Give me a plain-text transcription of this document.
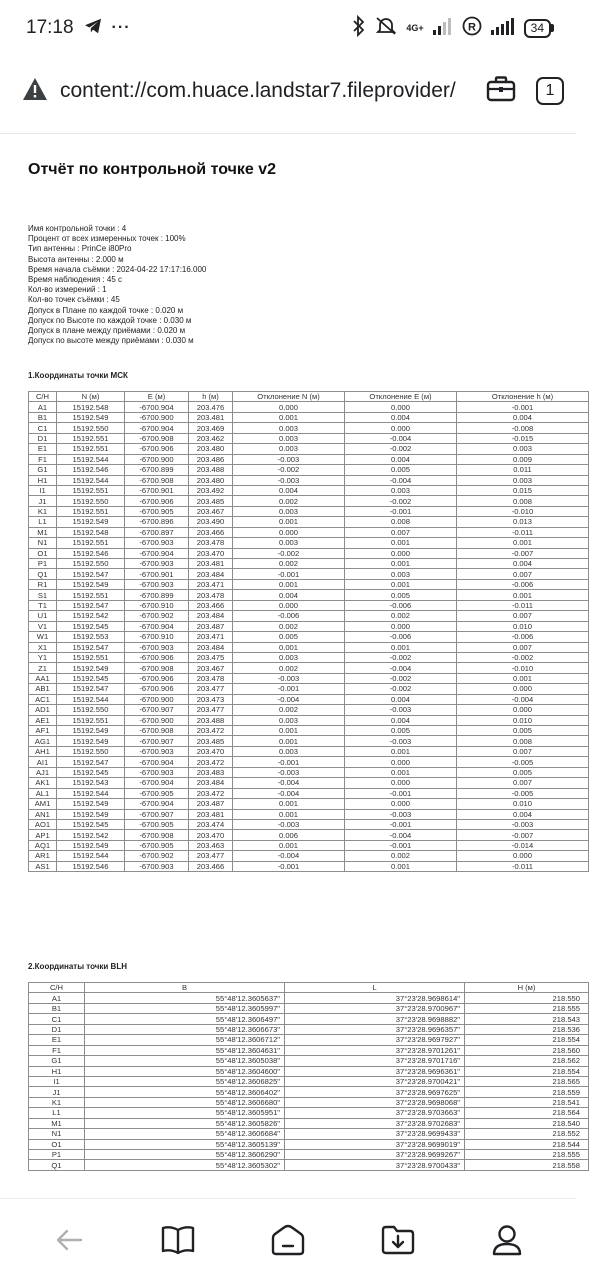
17:18 ···	4G+	R	34
content://com.huace.landstar7.fileprovider/	1
Отчёт по контрольной точке v2
Имя контрольной точки : 4
Процент от всех измеренных точек : 100%
Тип антенны : PrinCe i80Pro
Высота антенны : 2.000 м
Время начала съёмки : 2024-04-22 17:17:16.000
Время наблюдения : 45 с
Кол-во измерений : 1
Кол-во точек съёмки : 45
Допуск в Плане по каждой точке : 0.020 м
Допуск по Высоте по каждой точке : 0.030 м
Допуск в плане между приёмами : 0.020 м
Допуск по высоте между приёмами : 0.030 м
1.Координаты точки МСК
С/Н	N (м)	E (м)	h (м)	Отклонение N (м)	Отклонение E (м)	Отклонение h (м)
A1	15192.548	-6700.904	203.476	0.000	0.000	-0.001
B1	15192.549	-6700.900	203.481	0.001	0.004	0.004
C1	15192.550	-6700.904	203.469	0.003	0.000	-0.008
D1	15192.551	-6700.908	203.462	0.003	-0.004	-0.015
E1	15192.551	-6700.906	203.480	0.003	-0.002	0.003
F1	15192.544	-6700.900	203.486	-0.003	0.004	0.009
G1	15192.546	-6700.899	203.488	-0.002	0.005	0.011
H1	15192.544	-6700.908	203.480	-0.003	-0.004	0.003
I1	15192.551	-6700.901	203.492	0.004	0.003	0.015
J1	15192.550	-6700.906	203.485	0.002	-0.002	0.008
K1	15192.551	-6700.905	203.467	0.003	-0.001	-0.010
L1	15192.549	-6700.896	203.490	0.001	0.008	0.013
M1	15192.548	-6700.897	203.466	0.000	0.007	-0.011
N1	15192.551	-6700.903	203.478	0.003	0.001	0.001
O1	15192.546	-6700.904	203.470	-0.002	0.000	-0.007
P1	15192.550	-6700.903	203.481	0.002	0.001	0.004
Q1	15192.547	-6700.901	203.484	-0.001	0.003	0.007
R1	15192.549	-6700.903	203.471	0.001	0.001	-0.006
S1	15192.551	-6700.899	203.478	0.004	0.005	0.001
T1	15192.547	-6700.910	203.466	0.000	-0.006	-0.011
U1	15192.542	-6700.902	203.484	-0.006	0.002	0.007
V1	15192.545	-6700.904	203.487	0.002	0.000	0.010
W1	15192.553	-6700.910	203.471	0.005	-0.006	-0.006
X1	15192.547	-6700.903	203.484	0.001	0.001	0.007
Y1	15192.551	-6700.906	203.475	0.003	-0.002	-0.002
Z1	15192.549	-6700.908	203.467	0.002	-0.004	-0.010
AA1	15192.545	-6700.906	203.478	-0.003	-0.002	0.001
AB1	15192.547	-6700.906	203.477	-0.001	-0.002	0.000
AC1	15192.544	-6700.900	203.473	-0.004	0.004	-0.004
AD1	15192.550	-6700.907	203.477	0.002	-0.003	0.000
AE1	15192.551	-6700.900	203.488	0.003	0.004	0.010
AF1	15192.549	-6700.908	203.472	0.001	0.005	0.005
AG1	15192.549	-6700.907	203.485	0.001	-0.003	0.008
AH1	15192.550	-6700.903	203.470	0.003	0.001	0.007
AI1	15192.547	-6700.904	203.472	-0.001	0.000	-0.005
AJ1	15192.545	-6700.903	203.483	-0.003	0.001	0.005
AK1	15192.543	-6700.904	203.484	-0.004	0.000	0.007
AL1	15192.544	-6700.905	203.472	-0.004	-0.001	-0.005
AM1	15192.549	-6700.904	203.487	0.001	0.000	0.010
AN1	15192.549	-6700.907	203.481	0.001	-0.003	0.004
AO1	15192.545	-6700.905	203.474	-0.003	-0.001	-0.003
AP1	15192.542	-6700.908	203.470	0.006	-0.004	-0.007
AQ1	15192.549	-6700.905	203.463	0.001	-0.001	-0.014
AR1	15192.544	-6700.902	203.477	-0.004	0.002	0.000
AS1	15192.546	-6700.903	203.466	-0.001	0.001	-0.011
2.Координаты точки BLH
С/Н	B	L	H (м)
A1	55°48'12.3605637"	37°23'28.9698614"	218.550
B1	55°48'12.3605997"	37°23'28.9700967"	218.555
C1	55°48'12.3606497"	37°23'28.9698882"	218.543
D1	55°48'12.3606673"	37°23'28.9696357"	218.536
E1	55°48'12.3606712"	37°23'28.9697927"	218.554
F1	55°48'12.3604631"	37°23'28.9701261"	218.560
G1	55°48'12.3605038"	37°23'28.9701716"	218.562
H1	55°48'12.3604600"	37°23'28.9696361"	218.554
I1	55°48'12.3606825"	37°23'28.9700421"	218.565
J1	55°48'12.3606402"	37°23'28.9697625"	218.559
K1	55°48'12.3606680"	37°23'28.9698068"	218.541
L1	55°48'12.3605951"	37°23'28.9703663"	218.564
M1	55°48'12.3605826"	37°23'28.9702683"	218.540
N1	55°48'12.3606684"	37°23'28.9699433"	218.552
O1	55°48'12.3605139"	37°23'28.9699019"	218.544
P1	55°48'12.3606290"	37°23'28.9699267"	218.555
Q1	55°48'12.3605302"	37°23'28.9700433"	218.558
